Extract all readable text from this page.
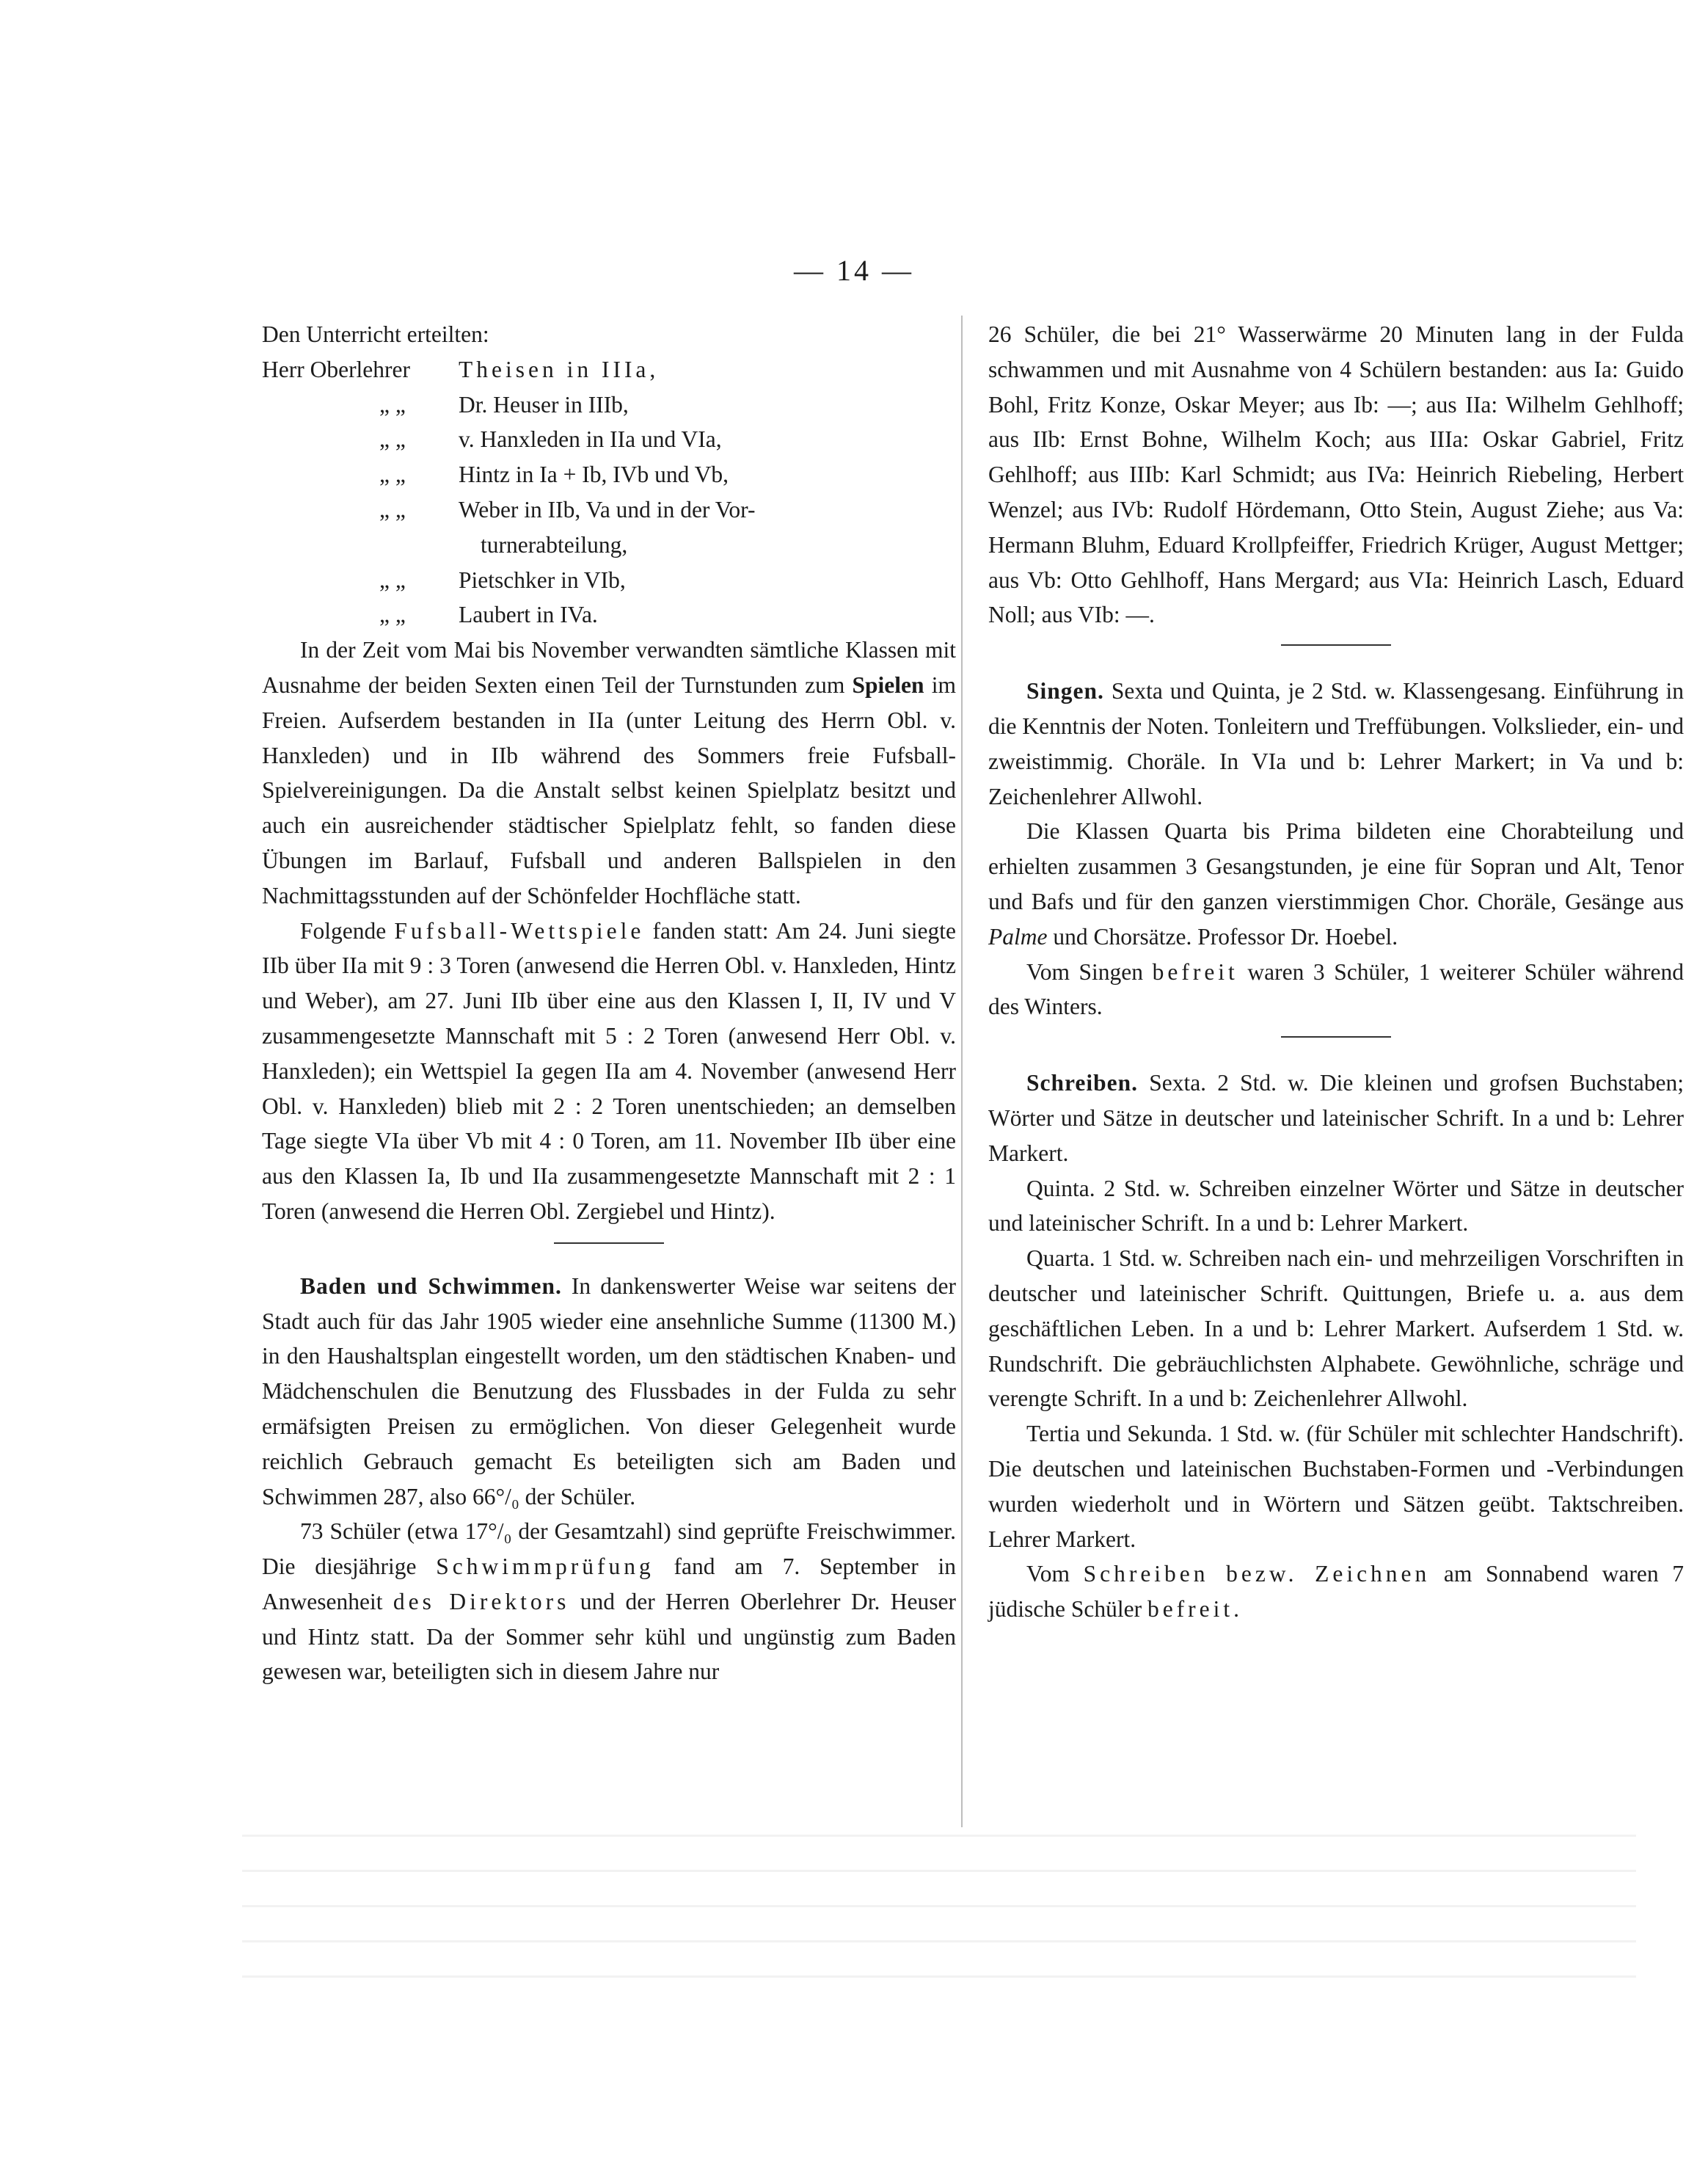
— 14 —

Den Unterricht erteilten:

Herr Oberlehrer	Theisen in IIIa,
„ „	Dr. Heuser in IIIb,
„ „	v. Hanxleden in IIa und VIa,
„ „	Hintz in Ia + Ib, IVb und Vb,
„ „	Weber in IIb, Va und in der Vor-
turnerabteilung,
„ „	Pietschker in VIb,
„ „	Laubert in IVa.

In der Zeit vom Mai bis November verwandten sämtliche Klassen mit Ausnahme der beiden Sexten einen Teil der Turnstunden zum Spielen im Freien. Aufserdem bestanden in IIa (unter Leitung des Herrn Obl. v. Hanxleden) und in IIb während des Sommers freie Fufsball-Spielvereinigungen. Da die Anstalt selbst keinen Spielplatz besitzt und auch ein ausreichender städtischer Spielplatz fehlt, so fanden diese Übungen im Barlauf, Fufsball und anderen Ballspielen in den Nachmittagsstunden auf der Schönfelder Hochfläche statt.

Folgende Fufsball-Wettspiele fanden statt: Am 24. Juni siegte IIb über IIa mit 9 : 3 Toren (anwesend die Herren Obl. v. Hanxleden, Hintz und Weber), am 27. Juni IIb über eine aus den Klassen I, II, IV und V zusammengesetzte Mannschaft mit 5 : 2 Toren (anwesend Herr Obl. v. Hanxleden); ein Wettspiel Ia gegen IIa am 4. November (anwesend Herr Obl. v. Hanxleden) blieb mit 2 : 2 Toren unentschieden; an demselben Tage siegte VIa über Vb mit 4 : 0 Toren, am 11. November IIb über eine aus den Klassen Ia, Ib und IIa zusammengesetzte Mannschaft mit 2 : 1 Toren (anwesend die Herren Obl. Zergiebel und Hintz).

Baden und Schwimmen. In dankenswerter Weise war seitens der Stadt auch für das Jahr 1905 wieder eine ansehnliche Summe (11300 M.) in den Haushaltsplan eingestellt worden, um den städtischen Knaben- und Mädchenschulen die Benutzung des Flussbades in der Fulda zu sehr ermäfsigten Preisen zu ermöglichen. Von dieser Gelegenheit wurde reichlich Gebrauch gemacht Es beteiligten sich am Baden und Schwimmen 287, also 66°/₀ der Schüler.

73 Schüler (etwa 17°/₀ der Gesamtzahl) sind geprüfte Freischwimmer. Die diesjährige Schwimmprüfung fand am 7. September in Anwesenheit des Direktors und der Herren Oberlehrer Dr. Heuser und Hintz statt. Da der Sommer sehr kühl und ungünstig zum Baden gewesen war, beteiligten sich in diesem Jahre nur

26 Schüler, die bei 21° Wasserwärme 20 Minuten lang in der Fulda schwammen und mit Ausnahme von 4 Schülern bestanden: aus Ia: Guido Bohl, Fritz Konze, Oskar Meyer; aus Ib: —; aus IIa: Wilhelm Gehlhoff; aus IIb: Ernst Bohne, Wilhelm Koch; aus IIIa: Oskar Gabriel, Fritz Gehlhoff; aus IIIb: Karl Schmidt; aus IVa: Heinrich Riebeling, Herbert Wenzel; aus IVb: Rudolf Hördemann, Otto Stein, August Ziehe; aus Va: Hermann Bluhm, Eduard Krollpfeiffer, Friedrich Krüger, August Mettger; aus Vb: Otto Gehlhoff, Hans Mergard; aus VIa: Heinrich Lasch, Eduard Noll; aus VIb: —.

Singen. Sexta und Quinta, je 2 Std. w. Klassengesang. Einführung in die Kenntnis der Noten. Tonleitern und Treffübungen. Volkslieder, ein- und zweistimmig. Choräle. In VIa und b: Lehrer Markert; in Va und b: Zeichenlehrer Allwohl.

Die Klassen Quarta bis Prima bildeten eine Chorabteilung und erhielten zusammen 3 Gesangstunden, je eine für Sopran und Alt, Tenor und Bafs und für den ganzen vierstimmigen Chor. Choräle, Gesänge aus Palme und Chorsätze. Professor Dr. Hoebel.

Vom Singen befreit waren 3 Schüler, 1 weiterer Schüler während des Winters.

Schreiben. Sexta. 2 Std. w. Die kleinen und grofsen Buchstaben; Wörter und Sätze in deutscher und lateinischer Schrift. In a und b: Lehrer Markert.

Quinta. 2 Std. w. Schreiben einzelner Wörter und Sätze in deutscher und lateinischer Schrift. In a und b: Lehrer Markert.

Quarta. 1 Std. w. Schreiben nach ein- und mehrzeiligen Vorschriften in deutscher und lateinischer Schrift. Quittungen, Briefe u. a. aus dem geschäftlichen Leben. In a und b: Lehrer Markert. Aufserdem 1 Std. w. Rundschrift. Die gebräuchlichsten Alphabete. Gewöhnliche, schräge und verengte Schrift. In a und b: Zeichenlehrer Allwohl.

Tertia und Sekunda. 1 Std. w. (für Schüler mit schlechter Handschrift). Die deutschen und lateinischen Buchstaben-Formen und -Verbindungen wurden wiederholt und in Wörtern und Sätzen geübt. Taktschreiben. Lehrer Markert.

Vom Schreiben bezw. Zeichnen am Sonnabend waren 7 jüdische Schüler befreit.
